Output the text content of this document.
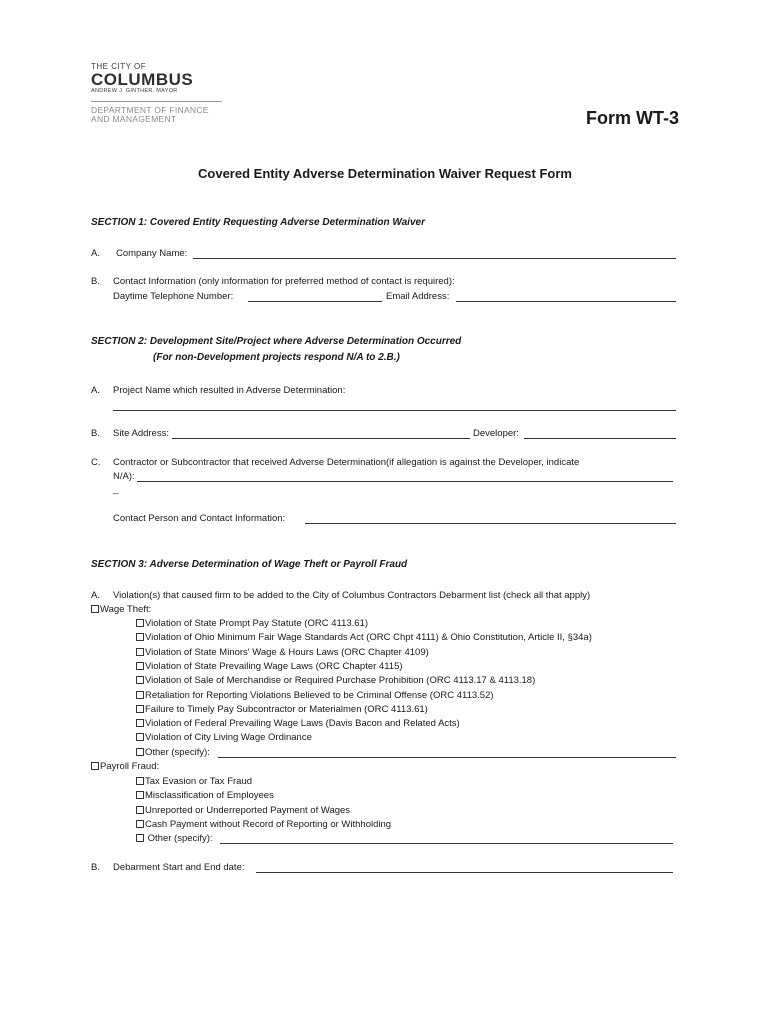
THE CITY OF
COLUMBUS
ANDREW J. GINTHER, MAYOR
DEPARTMENT OF FINANCE
AND MANAGEMENT	Form WT-3
Covered Entity Adverse Determination Waiver Request Form
SECTION 1: Covered Entity Requesting Adverse Determination Waiver
A. Company Name:
B. Contact Information (only information for preferred method of contact is required):
Daytime Telephone Number:	Email Address:
SECTION 2: Development Site/Project where Adverse Determination Occurred
(For non-Development projects respond N/A to 2.B.)
A. Project Name which resulted in Adverse Determination:
B. Site Address:	Developer:
C. Contractor or Subcontractor that received Adverse Determination(if allegation is against the Developer, indicate
N/A):
_
Contact Person and Contact Information:
SECTION 3: Adverse Determination of Wage Theft or Payroll Fraud
A. Violation(s) that caused firm to be added to the City of Columbus Contractors Debarment list (check all that apply)
Wage Theft:
Violation of State Prompt Pay Statute (ORC 4113.61)
Violation of Ohio Minimum Fair Wage Standards Act (ORC Chpt 4111) & Ohio Constitution, Article II, §34a)
Violation of State Minors' Wage & Hours Laws (ORC Chapter 4109)
Violation of State Prevailing Wage Laws (ORC Chapter 4115)
Violation of Sale of Merchandise or Required Purchase Prohibition (ORC 4113.17 & 4113.18)
Retaliation for Reporting Violations Believed to be Criminal Offense (ORC 4113.52)
Failure to Timely Pay Subcontractor or Materialmen (ORC 4113.61)
Violation of Federal Prevailing Wage Laws (Davis Bacon and Related Acts)
Violation of City Living Wage Ordinance
Other (specify):
Payroll Fraud:
Tax Evasion or Tax Fraud
Misclassification of Employees
Unreported or Underreported Payment of Wages
Cash Payment without Record of Reporting or Withholding
Other (specify):
B. Debarment Start and End date:
